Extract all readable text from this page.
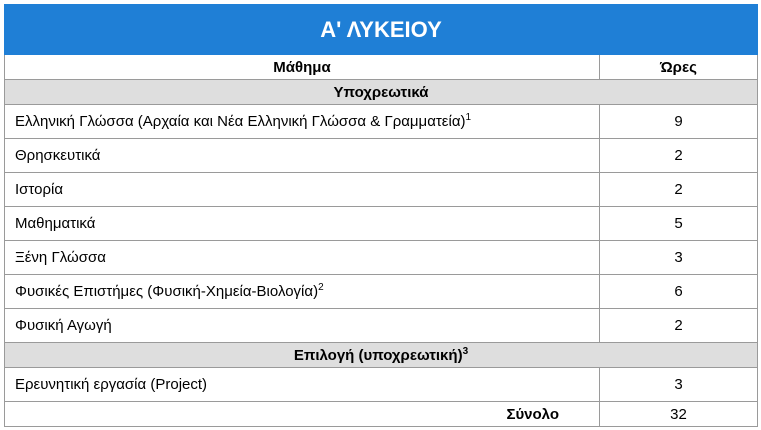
Α' ΛΥΚΕΙΟΥ	
Μάθημα	Ώρες
Υποχρεωτικά	
Ελληνική Γλώσσα (Αρχαία και Νέα Ελληνική Γλώσσα & Γραμματεία)$^1$	9
Θρησκευτικά	2
Ιστορία	2
Μαθηματικά	5
Ξένη Γλώσσα	3
Φυσικές Επιστήμες $(\Phi\upsilon\sigma\iota\kappa ή-X\eta\mu\varepsilon ί\alpha-B\iota o\lambda o\gamma ί\alpha)^2$	6
Φυσική Αγωγή	2
Επιλογή $(\upsilon\pi o\chi\rho\varepsilon\omega\tau\iota\kappa ή)^3$
Ερευνητική εργασία (Project)	3
Σύνολο	32
